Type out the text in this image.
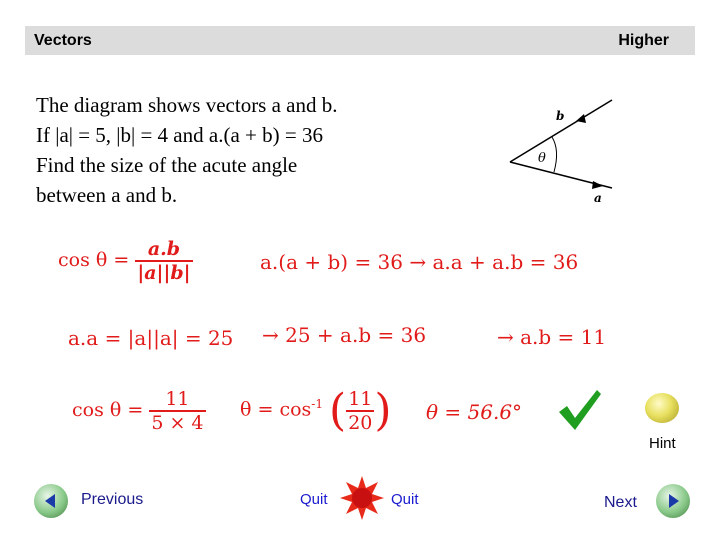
Vectors	Higher
The diagram shows vectors a and b.
If |a| = 5, |b| = 4 and a.(a + b) = 36
Find the size of the acute angle
between a and b.
b
θ
a
$\cos \theta = \frac{a.b}{|a||b|}$	a.(a + b) = 36 → a.a + a.b = 36
a.a = |a||a| = 25 → 25 + a.b = 36	→ a.b = 11
$\cos \theta = \frac{11}{5 \times 4}$ $\theta = \cos^{-1}$ ( $\frac{11}{20}$ ) θ = 56.6°
Hint
Previous	Quit	Quit	Next
